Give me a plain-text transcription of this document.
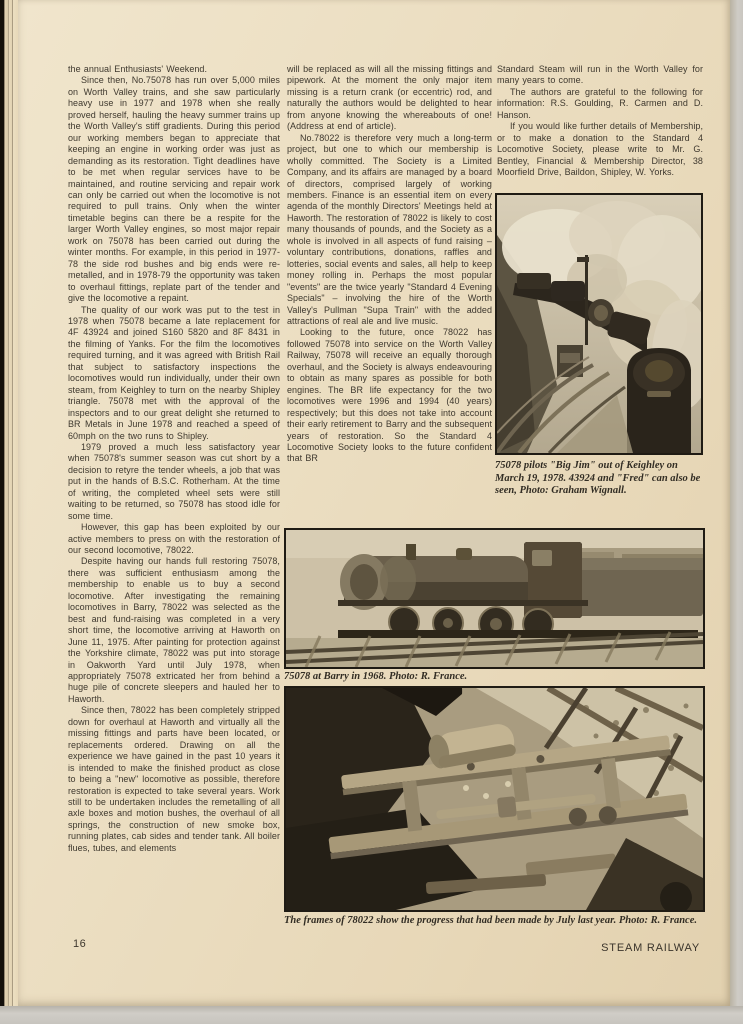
the annual Enthusiasts' Weekend.

Since then, No.75078 has run over 5,000 miles on Worth Valley trains, and she saw particularly heavy use in 1977 and 1978 when she really proved herself, hauling the heavy summer trains up the Worth Valley's stiff gradients. During this period our working members began to appreciate that keeping an engine in working order was just as demanding as its restoration. Tight deadlines have to be met when regular services have to be maintained, and routine servicing and repair work can only be carried out when the locomotive is not required to pull trains. Only when the winter timetable begins can there be a respite for the larger Worth Valley engines, so most major repair work on 75078 has been carried out during the winter months. For example, in this period in 1977-78 the side rod bushes and big ends were re-metalled, and in 1978-79 the opportunity was taken to overhaul fittings, replate part of the tender and give the locomotive a repaint.

The quality of our work was put to the test in 1978 when 75078 became a late replacement for 4F 43924 and joined S160 5820 and 8F 8431 in the filming of Yanks. For the film the locomotives required turning, and it was agreed with British Rail that subject to satisfactory inspections the locomotives would run individually, under their own steam, from Keighley to turn on the nearby Shipley triangle. 75078 met with the approval of the inspectors and to our great delight she returned to BR Metals in June 1978 and reached a speed of 60mph on the two runs to Shipley.

1979 proved a much less satisfactory year when 75078's summer season was cut short by a decision to retyre the tender wheels, a job that was put in the hands of B.S.C. Rotherham. At the time of writing, the completed wheel sets were still waiting to be returned, so 75078 has stood idle for some time.

However, this gap has been exploited by our active members to press on with the restoration of our second locomotive, 78022.

Despite having our hands full restoring 75078, there was sufficient enthusiasm among the membership to enable us to buy a second locomotive. After investigating the remaining locomotives in Barry, 78022 was selected as the best and fund-raising was completed in a very short time, the locomotive arriving at Haworth on June 11, 1975. After painting for protection against the Yorkshire climate, 78022 was put into storage in Oakworth Yard until July 1978, when appropriately 75078 extricated her from behind a huge pile of concrete sleepers and hauled her to Haworth.

Since then, 78022 has been completely stripped down for overhaul at Haworth and virtually all the missing fittings and parts have been located, or replacements ordered. Drawing on all the experience we have gained in the past 10 years it is intended to make the finished product as close to being a "new" locomotive as possible, therefore restoration is expected to take several years. Work still to be undertaken includes the remetalling of all axle boxes and motion bushes, the overhaul of all springs, the construction of new smoke box, running plates, cab sides and tender tank. All boiler flues, tubes, and elements

will be replaced as will all the missing fittings and pipework. At the moment the only major item missing is a return crank (or eccentric) rod, and naturally the authors would be delighted to hear from anyone knowing the whereabouts of one! (Address at end of article).

No.78022 is therefore very much a long-term project, but one to which our membership is wholly committed. The Society is a Limited Company, and its affairs are managed by a board of directors, comprised largely of working members. Finance is an essential item on every agenda of the monthly Directors' Meetings held at Haworth. The restoration of 78022 is likely to cost many thousands of pounds, and the Society as a whole is involved in all aspects of fund raising – voluntary contributions, donations, raffles and lotteries, social events and sales, all help to keep money rolling in. Perhaps the most popular "events" are the twice yearly "Standard 4 Evening Specials" – involving the hire of the Worth Valley's Pullman "Supa Train" with the added attractions of real ale and live music.

Looking to the future, once 78022 has followed 75078 into service on the Worth Valley Railway, 75078 will receive an equally thorough overhaul, and the Society is always endeavouring to obtain as many spares as possible for both engines. The BR life expectancy for the two locomotives were 1996 and 1994 (40 years) respectively; but this does not take into account their early retirement to Barry and the subsequent years of restoration. So the Standard 4 Locomotive Society looks to the future confident that BR

Standard Steam will run in the Worth Valley for many years to come.

The authors are grateful to the following for information: R.S. Goulding, R. Carmen and D. Hanson.

If you would like further details of Membership, or to make a donation to the Standard 4 Locomotive Society, please write to Mr. G. Bentley, Financial & Membership Director, 38 Moorfield Drive, Baildon, Shipley, W. Yorks.

75078 pilots "Big Jim" out of Keighley on March 19, 1978. 43924 and "Fred" can also be seen, Photo: Graham Wignall.
75078 at Barry in 1968. Photo: R. France.
The frames of 78022 show the progress that had been made by July last year. Photo: R. France.
16	STEAM RAILWAY
